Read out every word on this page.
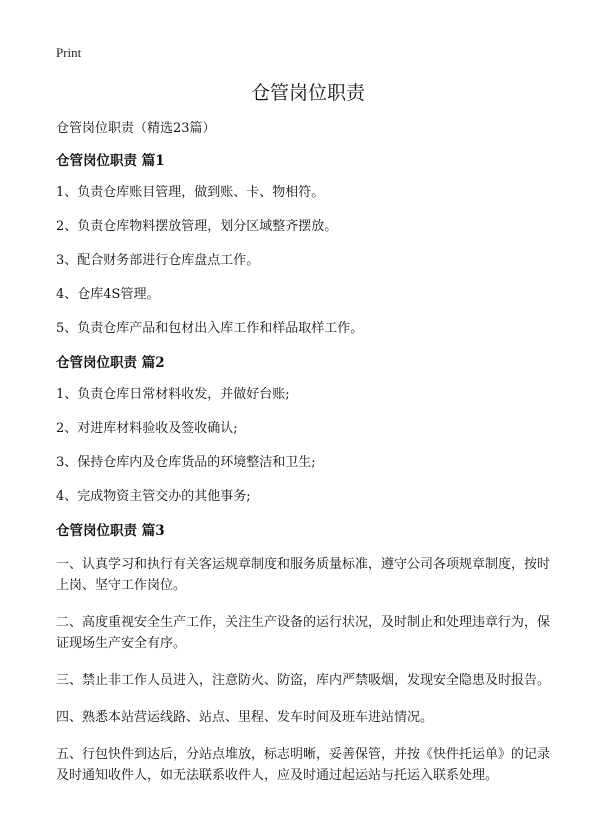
Print
仓管岗位职责

仓管岗位职责（精选23篇）

仓管岗位职责 篇1

1、负责仓库账目管理，做到账、卡、物相符。

2、负责仓库物料摆放管理，划分区域整齐摆放。

3、配合财务部进行仓库盘点工作。

4、仓库4S管理。

5、负责仓库产品和包材出入库工作和样品取样工作。

仓管岗位职责 篇2

1、负责仓库日常材料收发，并做好台账;

2、对进库材料验收及签收确认;

3、保持仓库内及仓库货品的环境整洁和卫生;

4、完成物资主管交办的其他事务;

仓管岗位职责 篇3

一、认真学习和执行有关客运规章制度和服务质量标准，遵守公司各项规章制度，按时上岗、坚守工作岗位。

二、高度重视安全生产工作，关注生产设备的运行状况，及时制止和处理违章行为，保证现场生产安全有序。

三、禁止非工作人员进入，注意防火、防盗，库内严禁吸烟，发现安全隐患及时报告。

四、熟悉本站营运线路、站点、里程、发车时间及班车进站情况。

五、行包快件到达后，分站点堆放，标志明晰，妥善保管，并按《快件托运单》的记录及时通知收件人，如无法联系收件人，应及时通过起运站与托运入联系处理。
